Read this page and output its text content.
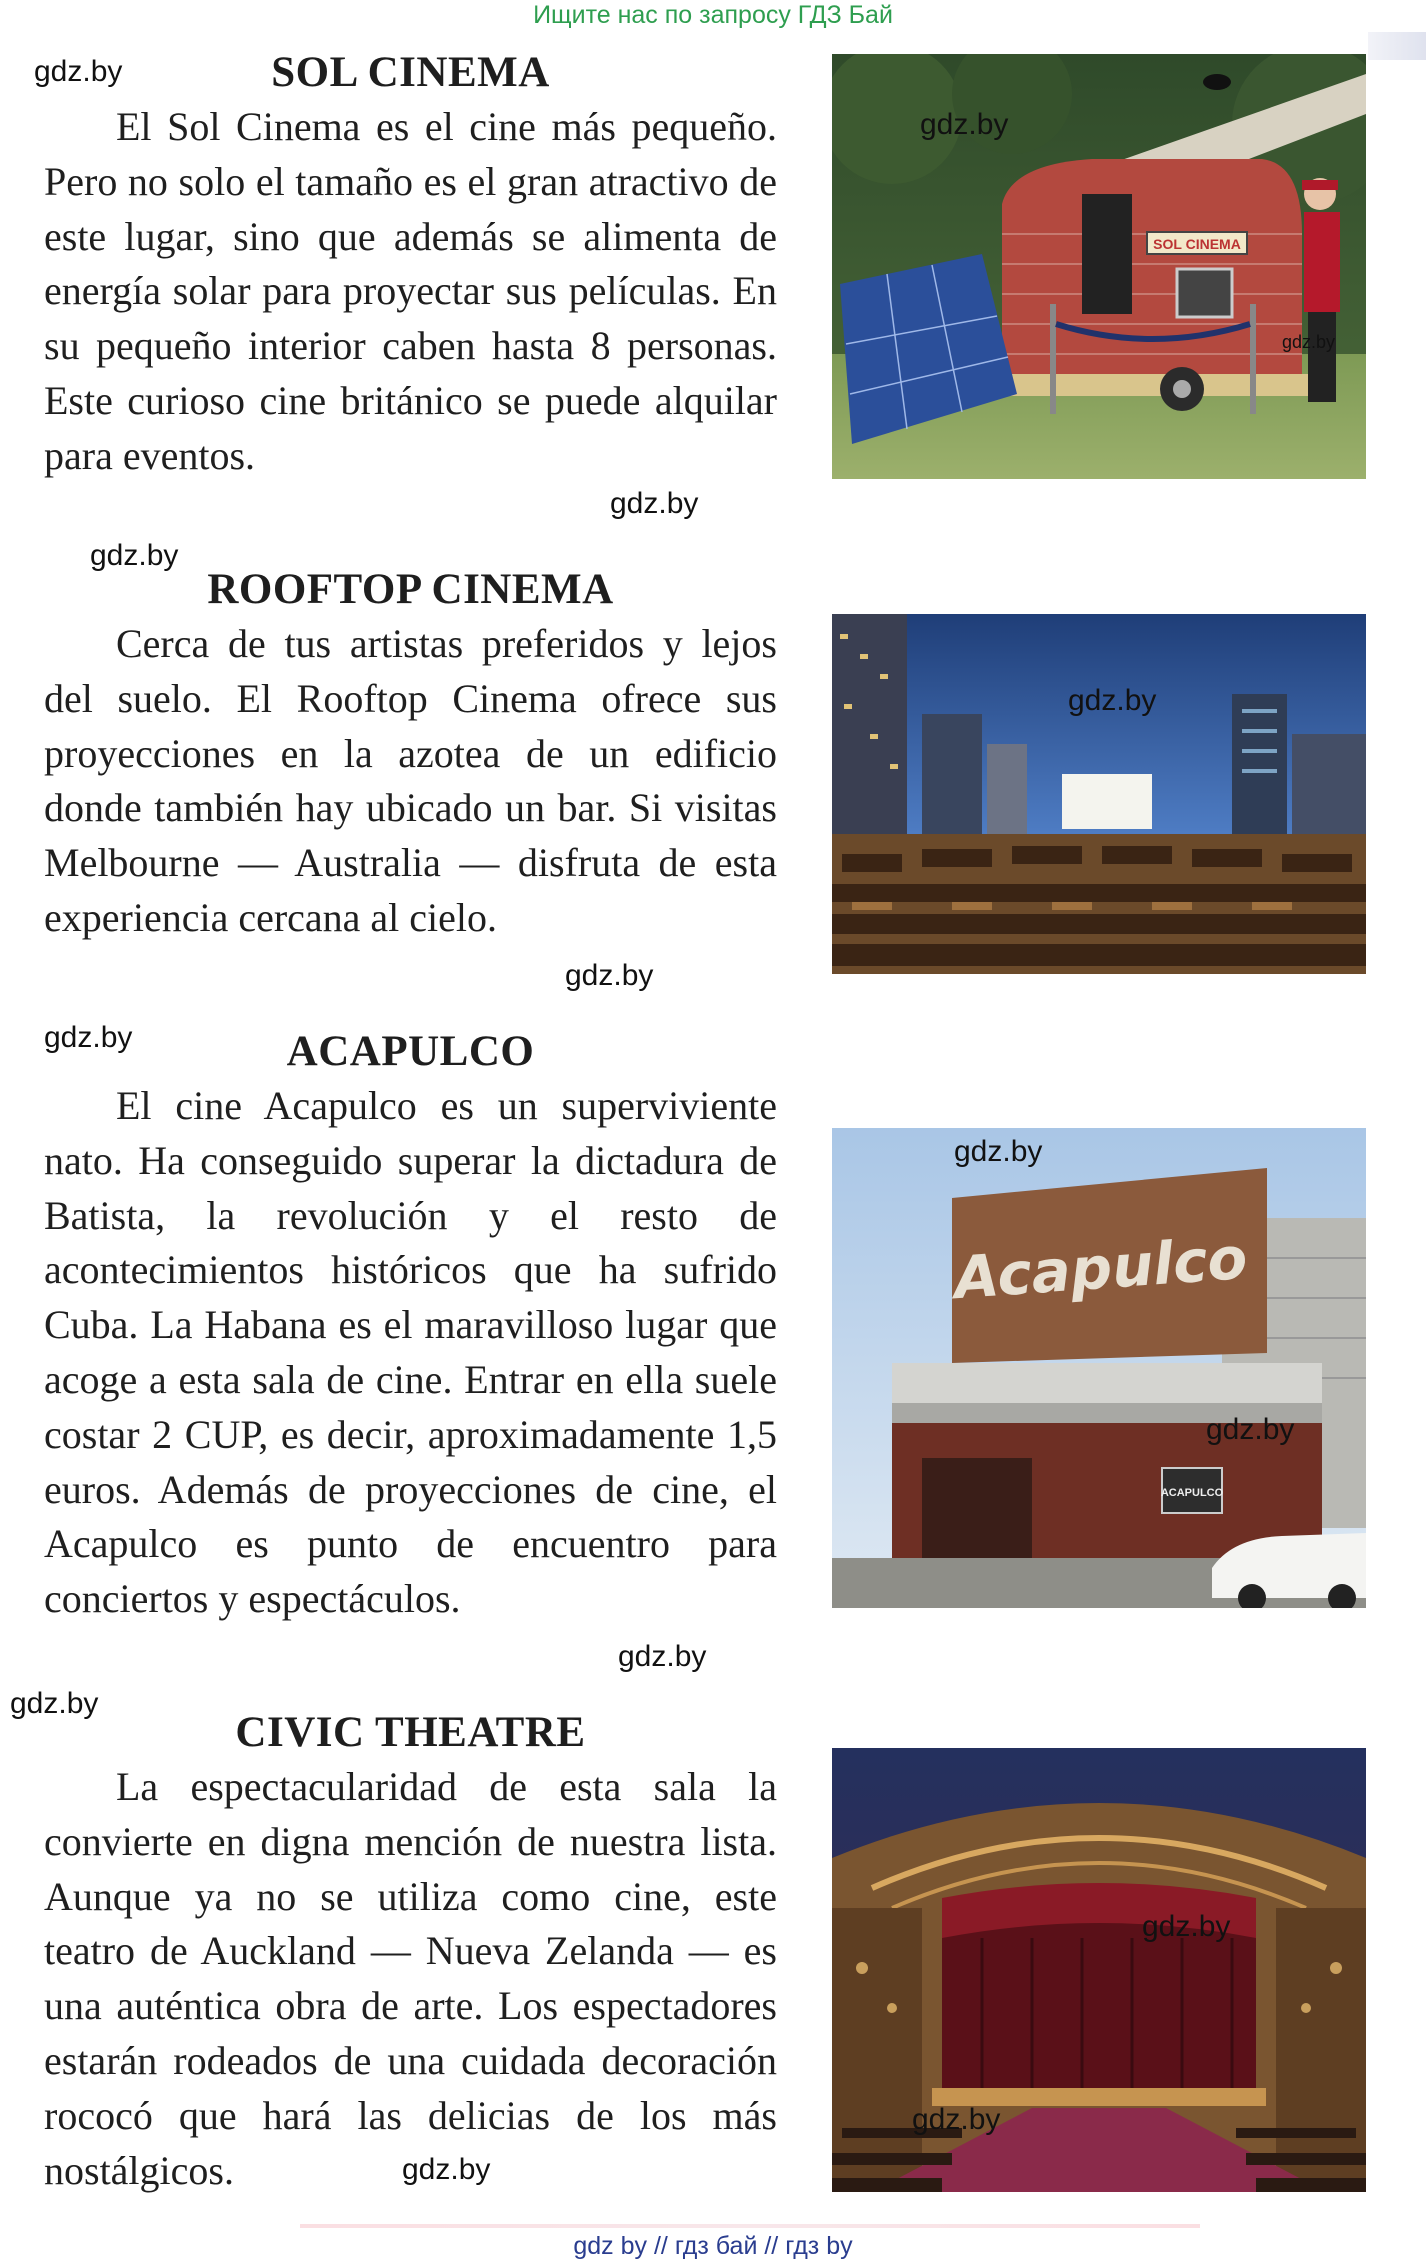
Ищите нас по запросу ГДЗ Бай
SOL CINEMA

El Sol Cinema es el cine más pequeño. Pero no solo el tamaño es el gran atractivo de este lugar, sino que además se alimenta de energía solar para proyectar sus películas. En su pequeño interior caben hasta 8 personas. Este curioso cine británico se puede alquilar para eventos.

ROOFTOP CINEMA

Cerca de tus artistas preferidos y lejos del suelo. El Rooftop Cinema ofrece sus proyecciones en la azotea de un edificio donde también hay ubicado un bar. Si visitas Melbourne — Australia — disfruta de esta experiencia cercana al cielo.

ACAPULCO

El cine Acapulco es un superviviente nato. Ha conseguido superar la dictadura de Batista, la revolución y el resto de acontecimientos históricos que ha sufrido Cuba. La Habana es el maravilloso lugar que acoge a esta sala de cine. Entrar en ella suele costar 2 CUP, es decir, aproximadamente 1,5 euros. Además de proyecciones de cine, el Acapulco es punto de encuentro para conciertos y espectáculos.

CIVIC THEATRE

La espectacularidad de esta sala la convierte en digna mención de nuestra lista. Aunque ya no se utiliza como cine, este teatro de Auckland — Nueva Zelanda — es una auténtica obra de arte. Los espectadores estarán rodeados de una cuidada decoración rococó que hará las delicias de los más nostálgicos.

SOL CINEMA
Acapulco
ACAPULCO
gdz.by
gdz.by
gdz.by
gdz.by
gdz.by
gdz.by
gdz.by
gdz.by
gdz.by
gdz.by
gdz.by
gdz.by
gdz.by
gdz.by
gdz.by
gdz by // гдз бай // гдз by
